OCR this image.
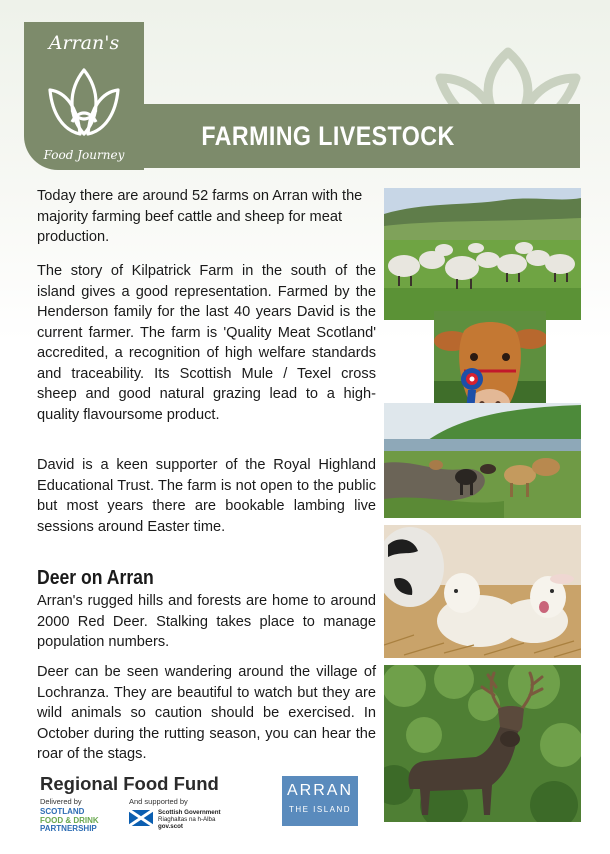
FARMING LIVESTOCK
Arran's
Food Journey
Today there are around 52 farms on Arran with the majority farming beef cattle and sheep for meat production.
The story of Kilpatrick Farm in the south of the island gives a good representation. Farmed by the Henderson family for the last 40 years David is the current farmer. The farm is 'Quality Meat Scotland' accredited, a recognition of high welfare standards and traceability. Its Scottish Mule / Texel cross sheep and good natural grazing lead to a high-quality flavoursome product.
David is a keen supporter of the Royal Highland Educational Trust. The farm is not open to the public but most years there are bookable lambing live sessions around Easter time.
Deer on Arran
Arran's rugged hills and forests are home to around 2000 Red Deer. Stalking takes place to manage population numbers.
Deer can be seen wandering around the village of Lochranza. They are beautiful to watch but they are wild animals so caution should be exercised. In October during the rutting season, you can hear the roar of the stags.
Regional Food Fund
Delivered by	And supported by
SCOTLAND
FOOD & DRINK
PARTNERSHIP
Scottish Government
Riaghaltas na h-Alba
gov.scot
ARRAN
THE ISLAND
